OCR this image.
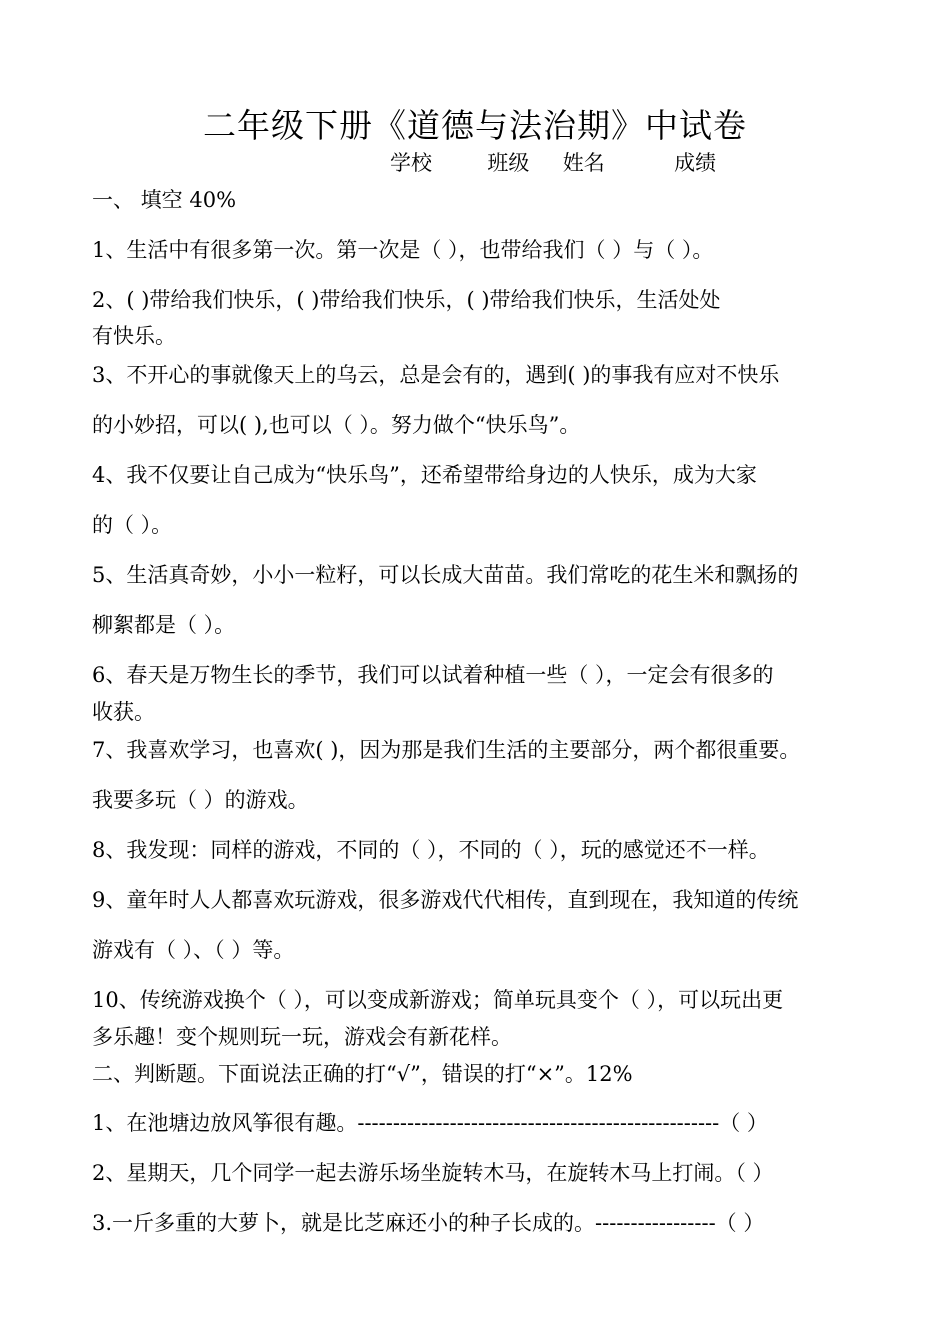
二年级下册《道德与法治期》中试卷
学校	班级 姓名	成绩
一、 填空 40%
1、生活中有很多第一次。第一次是（ ），也带给我们（ ）与（ ）。
2、( )带给我们快乐，( )带给我们快乐，( )带给我们快乐，生活处处
有快乐。
3、不开心的事就像天上的乌云，总是会有的，遇到( )的事我有应对不快乐
的小妙招，可以( ),也可以（ ）。努力做个“快乐鸟”。
4、我不仅要让自己成为“快乐鸟”，还希望带给身边的人快乐，成为大家
的（ ）。
5、生活真奇妙，小小一粒籽，可以长成大苗苗。我们常吃的花生米和飘扬的
柳絮都是（ ）。
6、春天是万物生长的季节，我们可以试着种植一些（ ），一定会有很多的
收获。
7、我喜欢学习，也喜欢( )，因为那是我们生活的主要部分，两个都很重要。
我要多玩（ ）的游戏。
8、我发现：同样的游戏，不同的（ ），不同的（ ），玩的感觉还不一样。
9、童年时人人都喜欢玩游戏，很多游戏代代相传，直到现在，我知道的传统
游戏有（ ）、（ ）等。
10、传统游戏换个（ ），可以变成新游戏；简单玩具变个（ ），可以玩出更
多乐趣！变个规则玩一玩，游戏会有新花样。
二、判断题。下面说法正确的打“√”，错误的打“×”。12%
1、在池塘边放风筝很有趣。---------------------------------------------------（ ）
2、星期天，几个同学一起去游乐场坐旋转木马，在旋转木马上打闹。（ ）
3.一斤多重的大萝卜，就是比芝麻还小的种子长成的。-----------------（ ）
